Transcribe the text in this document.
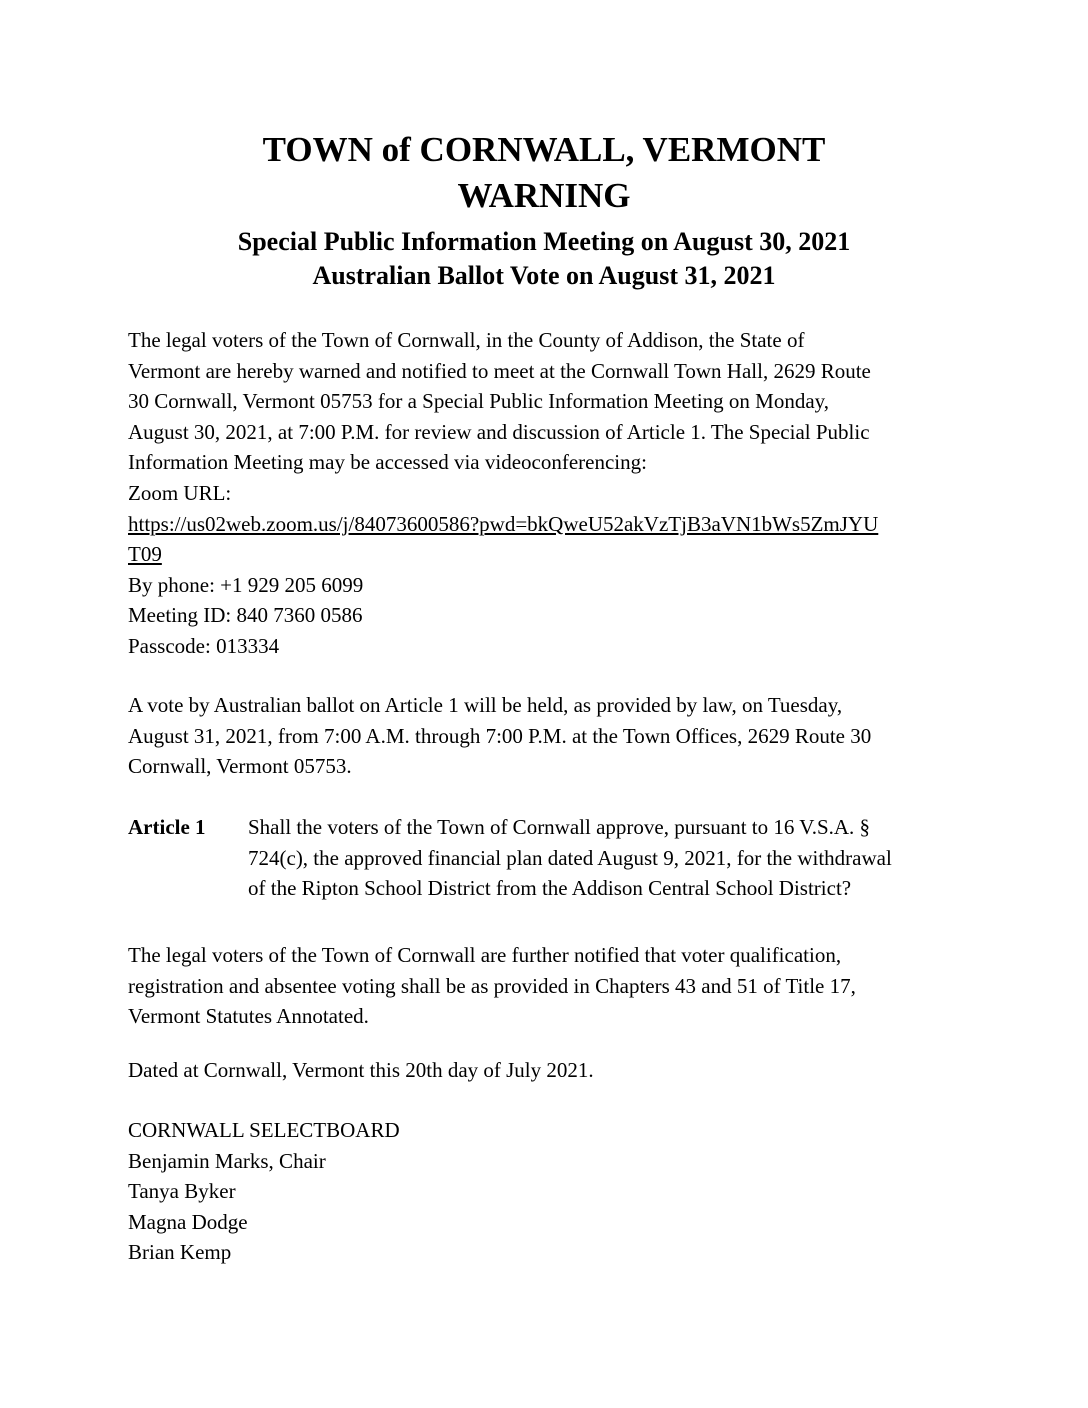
TOWN of CORNWALL, VERMONT
WARNING
Special Public Information Meeting on August 30, 2021
Australian Ballot Vote on August 31, 2021
The legal voters of the Town of Cornwall, in the County of Addison, the State of
Vermont are hereby warned and notified to meet at the Cornwall Town Hall, 2629 Route
30 Cornwall, Vermont 05753 for a Special Public Information Meeting on Monday,
August 30, 2021, at 7:00 P.M. for review and discussion of Article 1. The Special Public
Information Meeting may be accessed via videoconferencing:
Zoom URL:
https://us02web.zoom.us/j/84073600586?pwd=bkQweU52akVzTjB3aVN1bWs5ZmJYU
T09
By phone: +1 929 205 6099
Meeting ID: 840 7360 0586
Passcode: 013334
A vote by Australian ballot on Article 1 will be held, as provided by law, on Tuesday,
August 31, 2021, from 7:00 A.M. through 7:00 P.M. at the Town Offices, 2629 Route 30
Cornwall, Vermont 05753.
Article 1 Shall the voters of the Town of Cornwall approve, pursuant to 16 V.S.A. §
724(c), the approved financial plan dated August 9, 2021, for the withdrawal
of the Ripton School District from the Addison Central School District?
The legal voters of the Town of Cornwall are further notified that voter qualification,
registration and absentee voting shall be as provided in Chapters 43 and 51 of Title 17,
Vermont Statutes Annotated.
Dated at Cornwall, Vermont this 20th day of July 2021.
CORNWALL SELECTBOARD
Benjamin Marks, Chair
Tanya Byker
Magna Dodge
Brian Kemp
